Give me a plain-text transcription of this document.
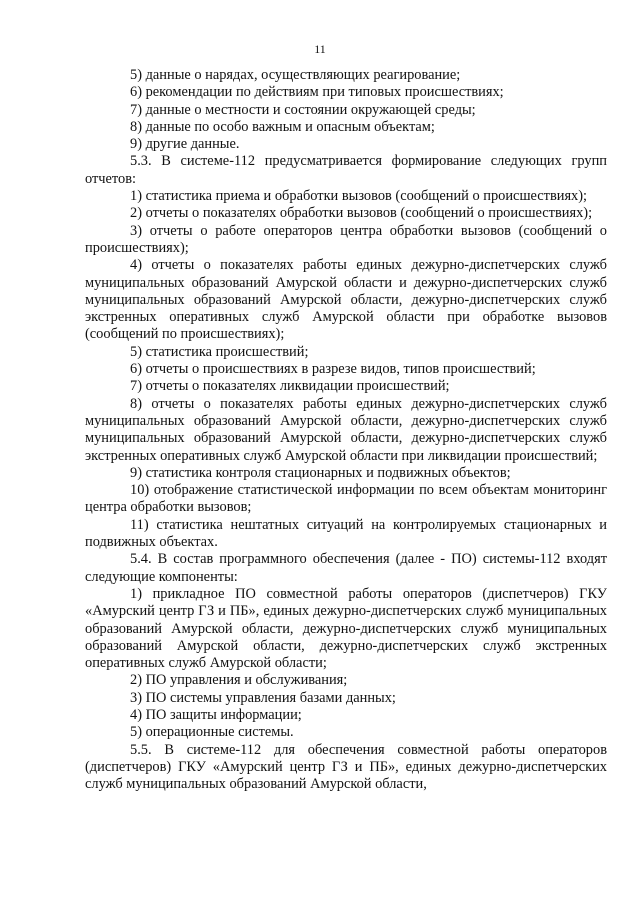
11

5) данные о нарядах, осуществляющих реагирование;

6) рекомендации по действиям при типовых происшествиях;

7) данные о местности и состоянии окружающей среды;

8) данные по особо важным и опасным объектам;

9) другие данные.

5.3. В системе-112 предусматривается формирование следующих групп отчетов:

1) статистика приема и обработки вызовов (сообщений о происшествиях);

2) отчеты о показателях обработки вызовов (сообщений о происшествиях);

3) отчеты о работе операторов центра обработки вызовов (сообщений о происшествиях);

4) отчеты о показателях работы единых дежурно-диспетчерских служб муниципальных образований Амурской области и дежурно-диспетчерских служб муниципальных образований Амурской области, дежурно-диспетчерских служб экстренных оперативных служб Амурской области при обработке вызовов (сообщений по происшествиях);

5) статистика происшествий;

6) отчеты о происшествиях в разрезе видов, типов происшествий;

7) отчеты о показателях ликвидации происшествий;

8) отчеты о показателях работы единых дежурно-диспетчерских служб муниципальных образований Амурской области, дежурно-диспетчерских служб муниципальных образований Амурской области, дежурно-диспетчерских служб экстренных оперативных служб Амурской области при ликвидации происшествий;

9) статистика контроля стационарных и подвижных объектов;

10) отображение статистической информации по всем объектам мониторинг центра обработки вызовов;

11) статистика нештатных ситуаций на контролируемых стационарных и подвижных объектах.

5.4. В состав программного обеспечения (далее - ПО) системы-112 входят следующие компоненты:

1) прикладное ПО совместной работы операторов (диспетчеров) ГКУ «Амурский центр ГЗ и ПБ», единых дежурно-диспетчерских служб муниципальных образований Амурской области, дежурно-диспетчерских служб муниципальных образований Амурской области, дежурно-диспетчерских служб экстренных оперативных служб Амурской области;

2) ПО управления и обслуживания;

3) ПО системы управления базами данных;

4) ПО защиты информации;

5) операционные системы.

5.5. В системе-112 для обеспечения совместной работы операторов (диспетчеров) ГКУ «Амурский центр ГЗ и ПБ», единых дежурно-диспетчерских служб муниципальных образований Амурской области,
